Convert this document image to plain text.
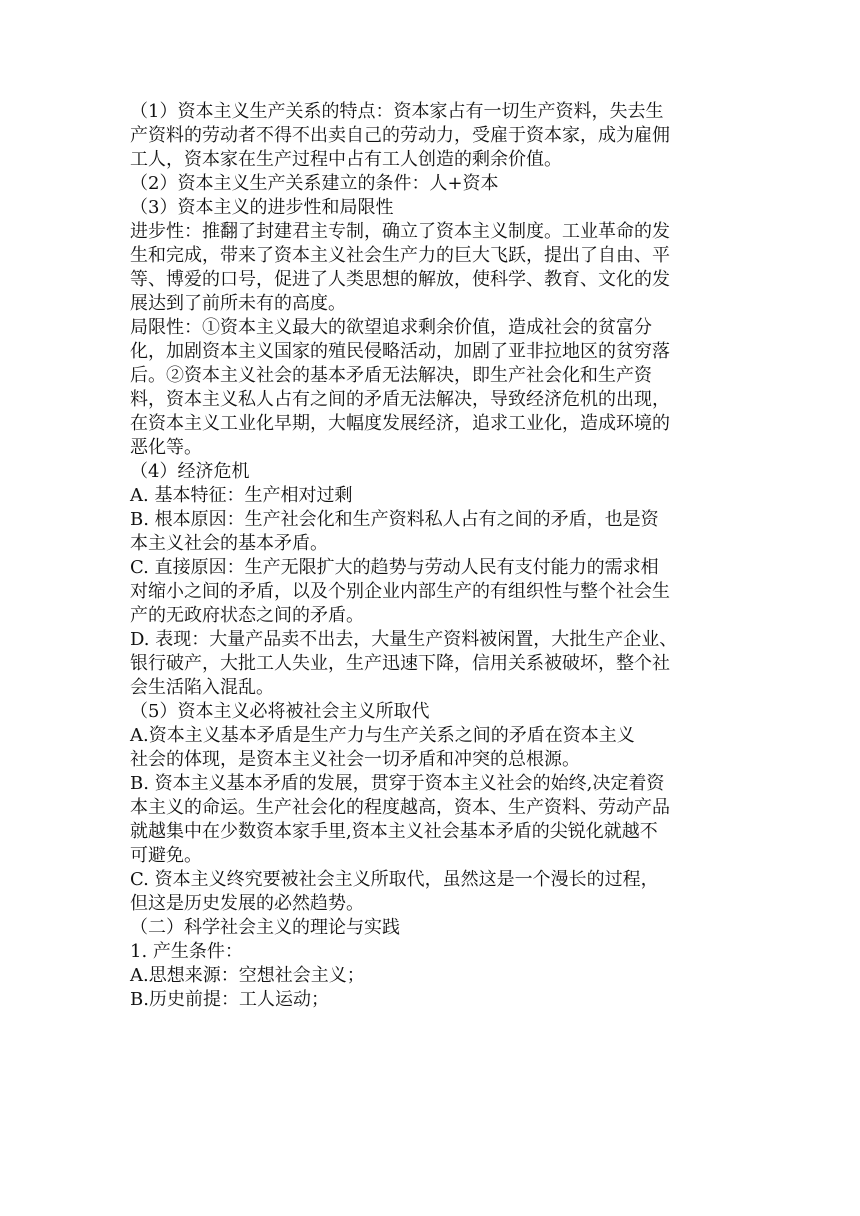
（1）资本主义生产关系的特点：资本家占有一切生产资料，失去生
产资料的劳动者不得不出卖自己的劳动力，受雇于资本家，成为雇佣
工人，资本家在生产过程中占有工人创造的剩余价值。
（2）资本主义生产关系建立的条件：人+资本
（3）资本主义的进步性和局限性
进步性：推翻了封建君主专制，确立了资本主义制度。工业革命的发
生和完成，带来了资本主义社会生产力的巨大飞跃，提出了自由、平
等、博爱的口号，促进了人类思想的解放，使科学、教育、文化的发
展达到了前所未有的高度。
局限性：①资本主义最大的欲望追求剩余价值，造成社会的贫富分
化，加剧资本主义国家的殖民侵略活动，加剧了亚非拉地区的贫穷落
后。②资本主义社会的基本矛盾无法解决，即生产社会化和生产资
料，资本主义私人占有之间的矛盾无法解决，导致经济危机的出现，
在资本主义工业化早期，大幅度发展经济，追求工业化，造成环境的
恶化等。
（4）经济危机
A. 基本特征：生产相对过剩
B. 根本原因：生产社会化和生产资料私人占有之间的矛盾，也是资
本主义社会的基本矛盾。
C. 直接原因：生产无限扩大的趋势与劳动人民有支付能力的需求相
对缩小之间的矛盾，以及个别企业内部生产的有组织性与整个社会生
产的无政府状态之间的矛盾。
D. 表现：大量产品卖不出去，大量生产资料被闲置，大批生产企业、
银行破产，大批工人失业，生产迅速下降，信用关系被破坏，整个社
会生活陷入混乱。
（5）资本主义必将被社会主义所取代
A.资本主义基本矛盾是生产力与生产关系之间的矛盾在资本主义
社会的体现，是资本主义社会一切矛盾和冲突的总根源。
B. 资本主义基本矛盾的发展，贯穿于资本主义社会的始终,决定着资
本主义的命运。生产社会化的程度越高，资本、生产资料、劳动产品
就越集中在少数资本家手里,资本主义社会基本矛盾的尖锐化就越不
可避免。
C. 资本主义终究要被社会主义所取代，虽然这是一个漫长的过程，
但这是历史发展的必然趋势。
（二）科学社会主义的理论与实践
1. 产生条件：
A.思想来源：空想社会主义；
B.历史前提：工人运动；
